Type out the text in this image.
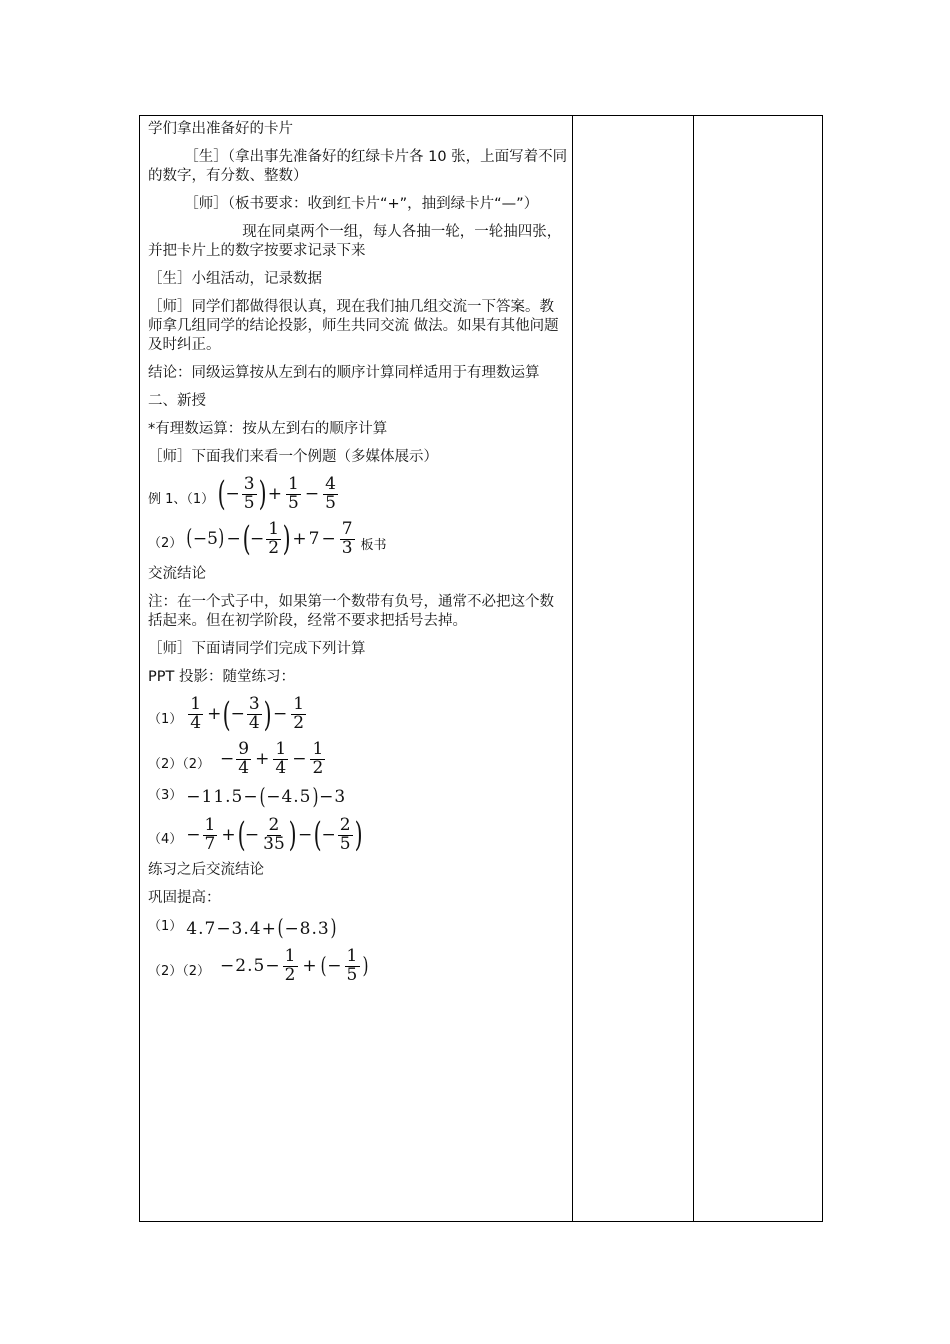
学们拿出准备好的卡片

［生］（拿出事先准备好的红绿卡片各 10 张，上面写着不同的数字，有分数、整数）

［师］（板书要求：收到红卡片“+”，抽到绿卡片“—”）

现在同桌两个一组，每人各抽一轮，一轮抽四张，并把卡片上的数字按要求记录下来

［生］小组活动，记录数据

［师］同学们都做得很认真，现在我们抽几组交流一下答案。教师拿几组同学的结论投影，师生共同交流 做法。如果有其他问题及时纠正。

结论：同级运算按从左到右的顺序计算同样适用于有理数运算

二、新授

*有理数运算：按从左到右的顺序计算

［师］下面我们来看一个例题（多媒体展示）

例 1、（1） ( − $\frac{3}{5}$ ) + $\frac{1}{5} - \frac{4}{5}$
（2） ( −5 ) − ( − $\frac{1}{2}$ ) + $7 - \frac{7}{3}$ 板书

交流结论

注：在一个式子中，如果第一个数带有负号，通常不必把这个数括起来。但在初学阶段，经常不要求把括号去掉。

［师］下面请同学们完成下列计算

PPT 投影：随堂练习：

$(1) \frac{1}{4}$ + ( − $\frac{3}{4}$ ) − $\frac{1}{2}$
$(2)(2) - \frac{9}{4} + \frac{1}{4} - \frac{1}{2}$
（3） −11.5− ( −4.5 ) −3
$(4) - \frac{1}{7}$ + ( − $\frac{2}{35}$ ) − ( − $\frac{2}{5}$ )

练习之后交流结论

巩固提高：

（1） 4.7−3.4+ ( −8.3 )
$(2)(2) -2.5- \frac{1}{2}$ + ( − $\frac{1}{5}$ )
